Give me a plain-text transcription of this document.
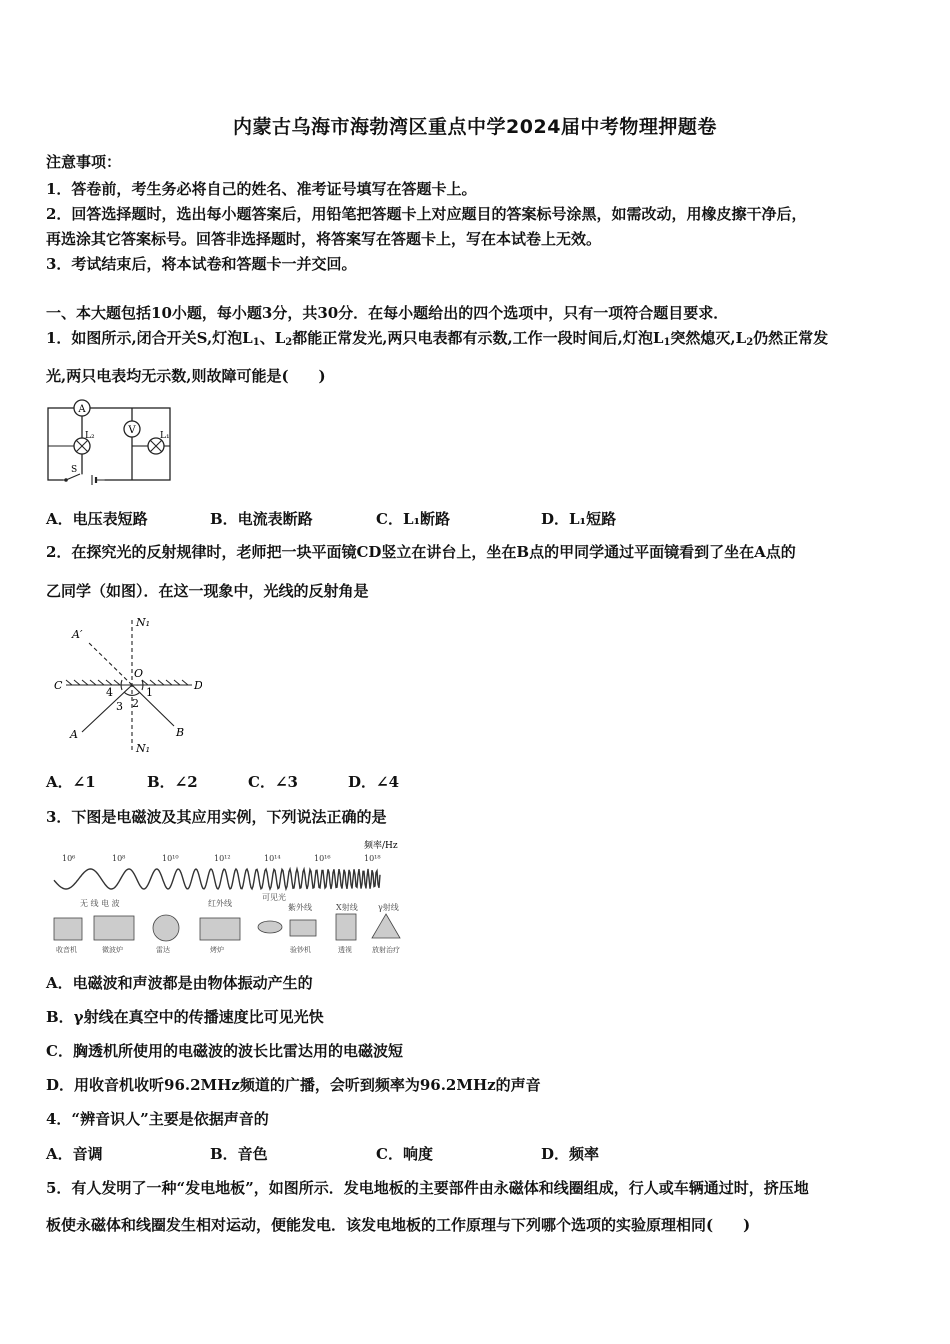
内蒙古乌海市海勃湾区重点中学2024届中考物理押题卷
注意事项：
1．答卷前，考生务必将自己的姓名、准考证号填写在答题卡上。
2．回答选择题时，选出每小题答案后，用铅笔把答题卡上对应题目的答案标号涂黑，如需改动，用橡皮擦干净后，
再选涂其它答案标号。回答非选择题时，将答案写在答题卡上，写在本试卷上无效。
3．考试结束后，将本试卷和答题卡一并交回。
一、本大题包括10小题，每小题3分，共30分．在每小题给出的四个选项中，只有一项符合题目要求．
1．如图所示,闭合开关S,灯泡$L_1$、$L_2$都能正常发光,两只电表都有示数,工作一段时间后,灯泡$L_1$突然熄灭$,L_2$仍然正常发
光,两只电表均无示数,则故障可能是(　　)
A
V
L₂	L₁
S
A．电压表短路	B．电流表断路	C．L₁断路	D．L₁短路
2．在探究光的反射规律时，老师把一块平面镜CD竖立在讲台上，坐在B点的甲同学通过平面镜看到了坐在A点的
乙同学（如图）．在这一现象中，光线的反射角是
A′
N₁
O
C	D
4	1
3 2
A	B
N₁
A．∠1	B．∠2	C．∠3	D．∠4
3．下图是电磁波及其应用实例，下列说法正确的是
频率/Hz
10⁶	10⁸	10¹⁰	10¹²	10¹⁴	10¹⁶	10¹⁸
无 线 电 波	红外线
可见光
紫外线	X射线	γ射线
收音机	微波炉	雷达	烤炉	验钞机	透视	放射治疗
A．电磁波和声波都是由物体振动产生的
B．γ射线在真空中的传播速度比可见光快
C．胸透机所使用的电磁波的波长比雷达用的电磁波短
D．用收音机收听96.2MHz频道的广播，会听到频率为96.2MHz的声音
4．“辨音识人”主要是依据声音的
A．音调	B．音色	C．响度	D．频率
5．有人发明了一种“发电地板”，如图所示．发电地板的主要部件由永磁体和线圈组成，行人或车辆通过时，挤压地
板使永磁体和线圈发生相对运动，便能发电．该发电地板的工作原理与下列哪个选项的实验原理相同(　　)
